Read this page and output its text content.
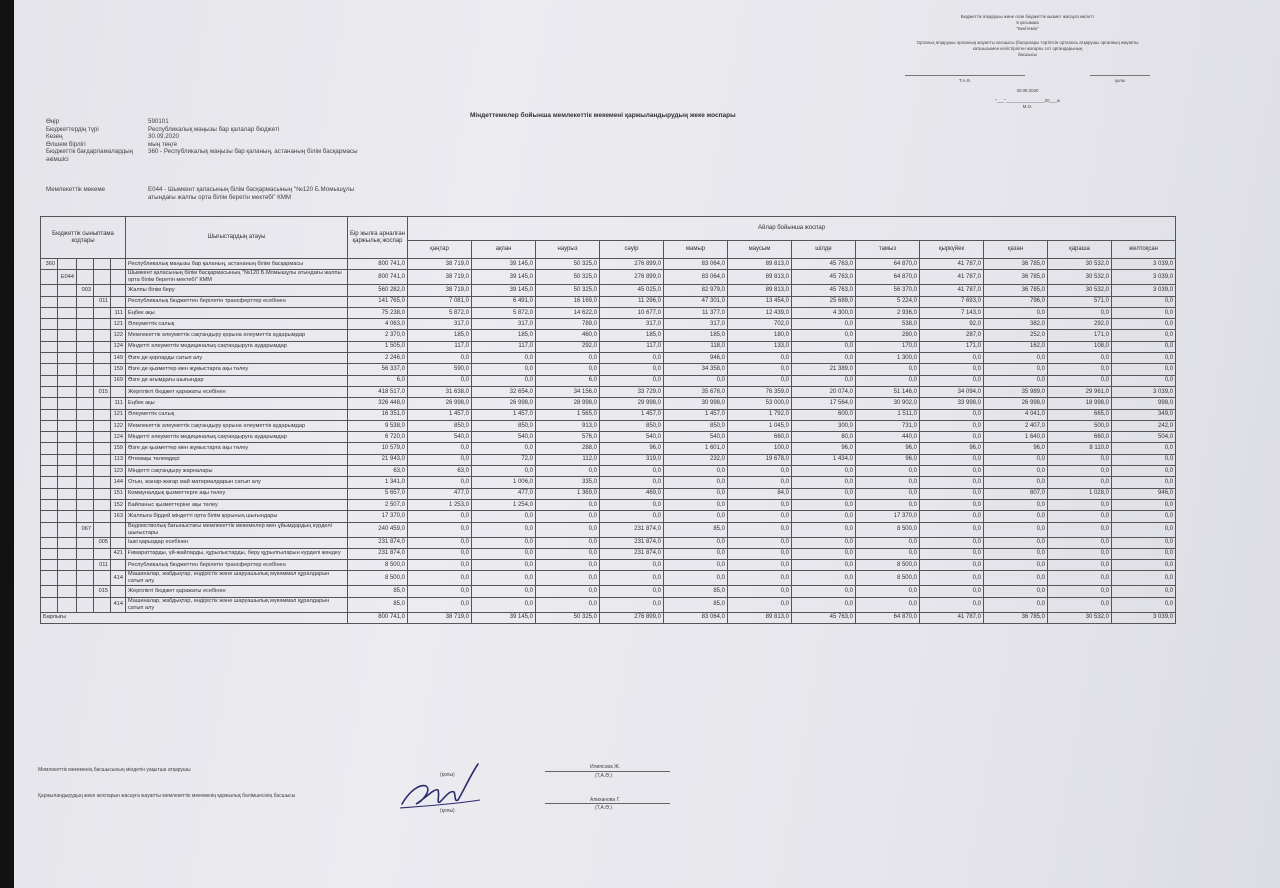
Бюджеттік атқарушы жөне оган бюджеттік кызмет жасауга өкілетт
5 қосымша
"Бекітемін"
Орталық атқарушы органның жауапты хатшысы (басқалары тәртіпсін ортались атқарушы органның жауапты хатшысымен келістірілген жоғарғы сот органдарының
басшысы
Т.А.Ә.	қолы
30.09.2020
"___"________________20___ж
М.О.
Міндеттемелер бойынша мемлекеттік мекемені қаржыландырудың жеке жоспары
Өңір	590101
Бюджеттердің түрі	Республикалық маңызы бар қалалар бюджеті
Кезең	30.09.2020
Өлшем бірлігі	мың теңге
Бюджеттік бағдарламалардың әкімшісі
360 - Республикалық маңызы бар қаланың, астананың білім басқармасы
Мемлекеттік мекеме	E044 - Шымкент қаласының білім басқармасының "№120 Б.Момышұлы атындағы жалпы орта білім беретін мектебі" КММ
Бюджеттік сыныптама кодтары					Шығыстардың атауы	Бір жылға арналған қаржылық жоспар	Айлар бойынша жоспар											
							қаңтар	ақпан	наурыз	сәуір	мамыр	маусым	шілде	тамыз	қыркүйек	қазан	қараша	желтоқсан
360					Республикалық маңызы бар қаланың, астананың білім басқармасы	800 741,0	38 719,0	39 145,0	50 325,0	276 899,0	83 064,0	89 813,0	45 763,0	64 870,0	41 787,0	36 785,0	30 532,0	3 039,0
	E044				Шымкент қаласының білім басқармасының "№120 Б.Момышұлы атындағы жалпы орта білім беретін мектебі" КММ	800 741,0	38 719,0	39 145,0	50 325,0	276 899,0	83 064,0	89 813,0	45 763,0	64 870,0	41 787,0	36 785,0	30 532,0	3 039,0
		003			Жалпы білім беру	560 282,0	38 719,0	39 145,0	50 325,0	45 025,0	82 979,0	89 813,0	45 763,0	56 370,0	41 787,0	36 785,0	30 532,0	3 039,0
			011		Республикалық бюджеттен берілетін трансферттер есебінен	141 765,0	7 081,0	6 491,0	16 169,0	11 296,0	47 301,0	13 454,0	25 689,0	5 224,0	7 693,0	796,0	571,0	0,0
				111	Еңбек ақы	75 238,0	5 872,0	5 872,0	14 622,0	10 677,0	11 377,0	12 439,0	4 300,0	2 936,0	7 143,0	0,0	0,0	0,0
				121	Әлеуметтік салық	4 063,0	317,0	317,0	789,0	317,0	317,0	702,0	0,0	538,0	92,0	382,0	292,0	0,0
				122	Мемлекеттік әлеуметтік сақтандыру қорына әлеуметтік аударымдар	2 370,0	185,0	185,0	460,0	185,0	185,0	180,0	0,0	280,0	287,0	252,0	171,0	0,0
				124	Міндетті әлеуметтік медициналық сақтандыруға аударымдар	1 505,0	117,0	117,0	292,0	117,0	118,0	133,0	0,0	170,0	171,0	162,0	108,0	0,0
				149	Өзге де қорларды сатып алу	2 246,0	0,0	0,0	0,0	0,0	946,0	0,0	0,0	1 300,0	0,0	0,0	0,0	0,0
				159	Өзге де қызметтер мен жұмыстарға ақы төлеу	56 337,0	590,0	0,0	0,0	0,0	34 358,0	0,0	21 389,0	0,0	0,0	0,0	0,0	0,0
				169	Өзге де ағымдағы шығындар	6,0	0,0	0,0	6,0	0,0	0,0	0,0	0,0	0,0	0,0	0,0	0,0	0,0
			015		Жергілікті бюджет қаражаты есебінен	418 517,0	31 638,0	32 654,0	34 156,0	33 729,0	35 678,0	76 359,0	20 074,0	51 146,0	34 094,0	35 989,0	29 961,0	3 039,0
				111	Еңбек ақы	326 448,0	26 998,0	26 998,0	28 998,0	29 998,0	30 998,0	53 000,0	17 564,0	30 902,0	33 998,0	26 998,0	18 998,0	998,0
				121	Әлеуметтік салық	16 351,0	1 457,0	1 457,0	1 565,0	1 457,0	1 457,0	1 792,0	600,0	1 511,0	0,0	4 041,0	665,0	349,0
				122	Мемлекеттік әлеуметтік сақтандыру қорына әлеуметтік аударымдар	9 538,0	850,0	850,0	913,0	850,0	850,0	1 045,0	300,0	731,0	0,0	2 407,0	500,0	242,0
				124	Міндетті әлеуметтік медициналық сақтандыруға аударымдар	6 720,0	540,0	540,0	576,0	540,0	540,0	660,0	80,0	440,0	0,0	1 640,0	660,0	504,0
				159	Өзге де қызметтер мен жұмыстарға ақы төлеу	10 579,0	0,0	0,0	288,0	96,0	1 601,0	100,0	96,0	96,0	96,0	96,0	8 110,0	0,0
				113	Өтемақы төлемдері	21 943,0	0,0	72,0	112,0	319,0	232,0	19 678,0	1 434,0	96,0	0,0	0,0	0,0	0,0
				123	Міндетті сақтандыру жарналары	63,0	63,0	0,0	0,0	0,0	0,0	0,0	0,0	0,0	0,0	0,0	0,0	0,0
				144	Отын, жанар-жағар май материалдарын сатып алу	1 341,0	0,0	1 006,0	335,0	0,0	0,0	0,0	0,0	0,0	0,0	0,0	0,0	0,0
				151	Коммуналдық қызметтерге ақы төлеу	5 657,0	477,0	477,0	1 369,0	469,0	0,0	84,0	0,0	0,0	0,0	807,0	1 028,0	946,0
				152	Байланыс қызметтеріне ақы төлеу	2 507,0	1 253,0	1 254,0	0,0	0,0	0,0	0,0	0,0	0,0	0,0	0,0	0,0	0,0
				163	Жалпыға бірдей міндетті орта білім қорының шығындары	17 370,0	0,0	0,0	0,0	0,0	0,0	0,0	0,0	17 370,0	0,0	0,0	0,0	0,0
		067			Ведомстволық бағыныстағы мемлекеттік мекемелер мен ұйымдардың күрделі шығыстары	240 459,0	0,0	0,0	0,0	231 874,0	85,0	0,0	0,0	8 500,0	0,0	0,0	0,0	0,0
			005		Ішкі қарыздар есебінен	231 874,0	0,0	0,0	0,0	231 874,0	0,0	0,0	0,0	0,0	0,0	0,0	0,0	0,0
				421	Ғимараттарды, үй-жайларды, құрылыстарды, беру құрылғыларын күрделі жөндеу	231 874,0	0,0	0,0	0,0	231 874,0	0,0	0,0	0,0	0,0	0,0	0,0	0,0	0,0
			011		Республикалық бюджеттен берілетін трансферттер есебінен	8 500,0	0,0	0,0	0,0	0,0	0,0	0,0	0,0	8 500,0	0,0	0,0	0,0	0,0
				414	Машиналар, жабдықтар, өндірістік және шаруашылық мүкәммал құралдарын сатып алу	8 500,0	0,0	0,0	0,0	0,0	0,0	0,0	0,0	8 500,0	0,0	0,0	0,0	0,0
			015		Жергілікті бюджет қаражаты есебінен	85,0	0,0	0,0	0,0	0,0	85,0	0,0	0,0	0,0	0,0	0,0	0,0	0,0
				414	Машиналар, жабдықтар, өндірістік және шаруашылық мүкәммал құралдарын сатып алу	85,0	0,0	0,0	0,0	0,0	85,0	0,0	0,0	0,0	0,0	0,0	0,0	0,0
Барлығы						800 741,0	38 719,0	39 145,0	50 325,0	276 899,0	83 064,0	89 813,0	45 763,0	64 870,0	41 787,0	36 785,0	30 532,0	3 039,0
Мемлекеттік мекеменің басшысының міндетін уақытша атқарушы
(қолы)
Илиясова Ж.
(Т.А.Ә.)
Қаржыландырудың жеке жоспарын жасауға жауапты мемлекеттік мекеменің қаржылық бөлімшесінің басшысы
(қолы)
Алиханова Г.
(Т.А.Ә.)
